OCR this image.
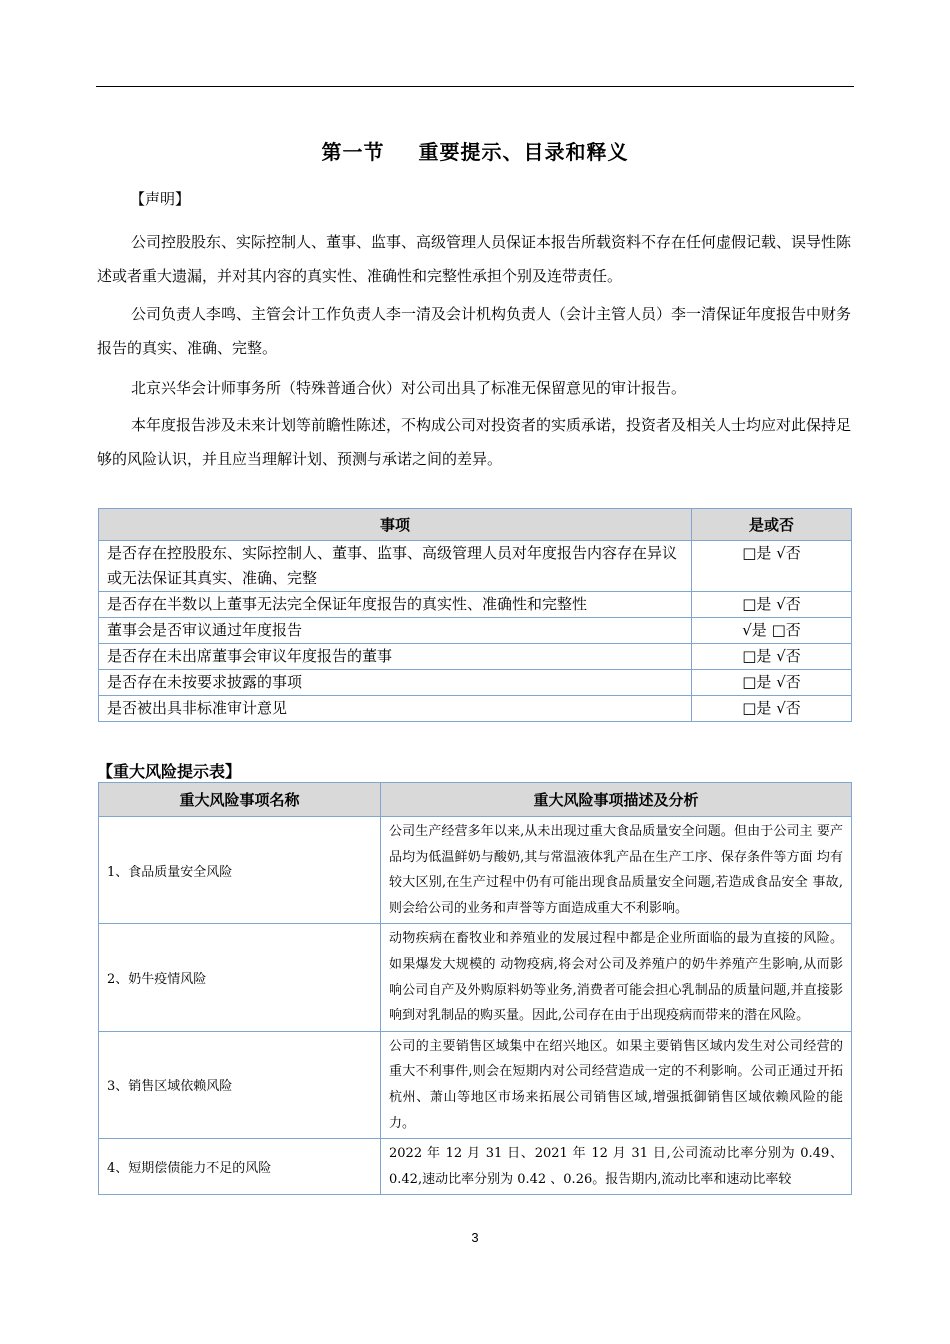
第一节 重要提示、目录和释义
【声明】
公司控股股东、实际控制人、董事、监事、高级管理人员保证本报告所载资料不存在任何虚假记载、误导性陈述或者重大遗漏，并对其内容的真实性、准确性和完整性承担个别及连带责任。
公司负责人李鸣、主管会计工作负责人李一清及会计机构负责人（会计主管人员）李一清保证年度报告中财务报告的真实、准确、完整。
北京兴华会计师事务所（特殊普通合伙）对公司出具了标准无保留意见的审计报告。
本年度报告涉及未来计划等前瞻性陈述，不构成公司对投资者的实质承诺，投资者及相关人士均应对此保持足够的风险认识，并且应当理解计划、预测与承诺之间的差异。
事项	是或否
是否存在控股股东、实际控制人、董事、监事、高级管理人员对年度报告内容存在异议或无法保证其真实、准确、完整	□是 √否
是否存在半数以上董事无法完全保证年度报告的真实性、准确性和完整性	□是 √否
董事会是否审议通过年度报告	√是 □否
是否存在未出席董事会审议年度报告的董事	□是 √否
是否存在未按要求披露的事项	□是 √否
是否被出具非标准审计意见	□是 √否
【重大风险提示表】
重大风险事项名称	重大风险事项描述及分析
1、食品质量安全风险	公司生产经营多年以来,从未出现过重大食品质量安全问题。但由于公司主 要产品均为低温鲜奶与酸奶,其与常温液体乳产品在生产工序、保存条件等方面 均有较大区别,在生产过程中仍有可能出现食品质量安全问题,若造成食品安全 事故,则会给公司的业务和声誉等方面造成重大不利影响。
2、奶牛疫情风险	动物疾病在畜牧业和养殖业的发展过程中都是企业所面临的最为直接的风险。如果爆发大规模的 动物疫病,将会对公司及养殖户的奶牛养殖产生影响,从而影响公司自产及外购原料奶等业务,消费者可能会担心乳制品的质量问题,并直接影响到对乳制品的购买量。因此,公司存在由于出现疫病而带来的潜在风险。
3、销售区域依赖风险	公司的主要销售区域集中在绍兴地区。如果主要销售区域内发生对公司经营的重大不利事件,则会在短期内对公司经营造成一定的不利影响。公司正通过开拓杭州、萧山等地区市场来拓展公司销售区域,增强抵御销售区域依赖风险的能力。
4、短期偿债能力不足的风险	2022 年 12 月 31 日、2021 年 12 月 31 日,公司流动比率分别为 0.49、0.42,速动比率分别为 0.42 、0.26。报告期内,流动比率和速动比率较
3
